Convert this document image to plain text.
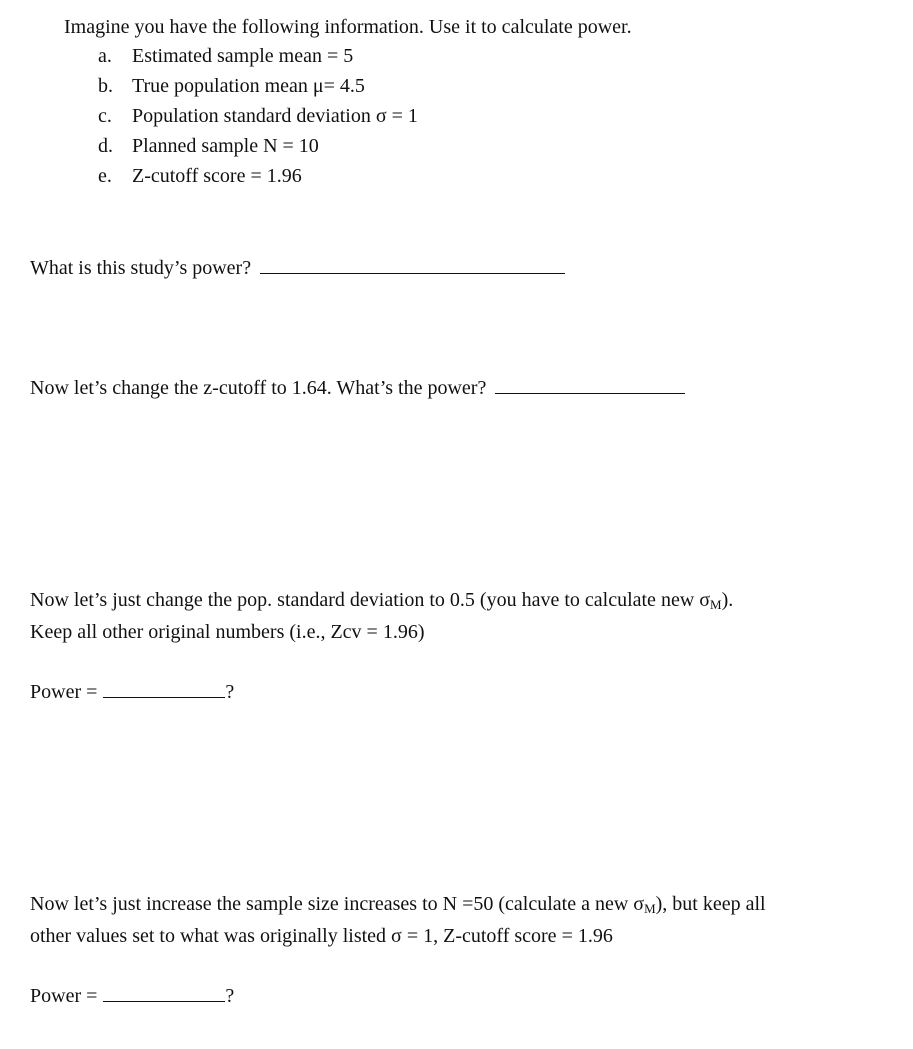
Imagine you have the following information. Use it to calculate power.
a. Estimated sample mean = 5
b. True population mean μ= 4.5
c. Population standard deviation σ = 1
d. Planned sample N = 10
e. Z-cutoff score = 1.96
What is this study’s power?
Now let’s change the z-cutoff to 1.64. What’s the power?
Now let’s just change the pop. standard deviation to 0.5 (you have to calculate new $\sigma_M$).
Keep all other original numbers (i.e., Zcv = 1.96)
Power =	?
Now let’s just increase the sample size increases to N =50 (calculate a new $\sigma_M$), but keep all
other values set to what was originally listed σ = 1, Z-cutoff score = 1.96
Power =	?
